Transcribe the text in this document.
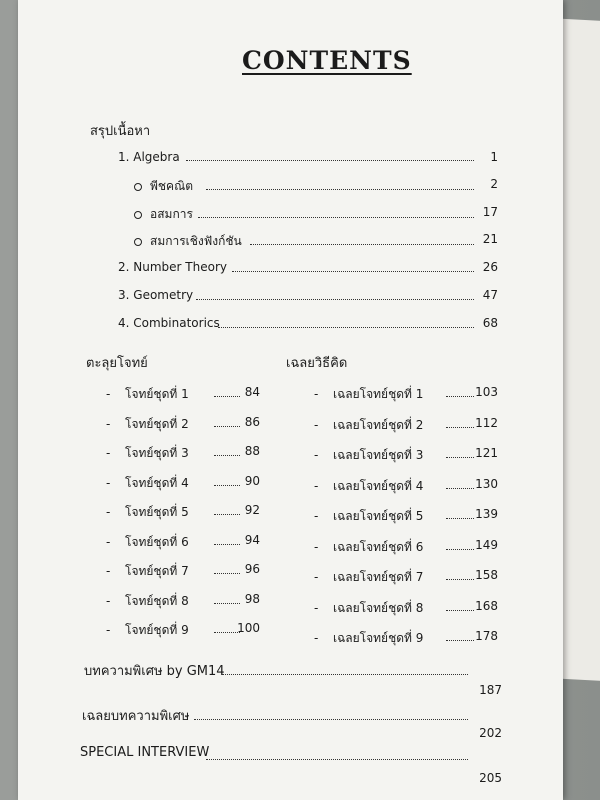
CONTENTS
สรุปเนื้อหา
1. Algebra	1
พีชคณิต	2
อสมการ	17
สมการเชิงฟังก์ชัน	21
2. Number Theory	26
3. Geometry	47
4. Combinatorics	68
ตะลุยโจทย์
- โจทย์ชุดที่ 1	84
- โจทย์ชุดที่ 2	86
- โจทย์ชุดที่ 3	88
- โจทย์ชุดที่ 4	90
- โจทย์ชุดที่ 5	92
- โจทย์ชุดที่ 6	94
- โจทย์ชุดที่ 7	96
- โจทย์ชุดที่ 8	98
- โจทย์ชุดที่ 9	100
เฉลยวิธีคิด
- เฉลยโจทย์ชุดที่ 1	103
- เฉลยโจทย์ชุดที่ 2	112
- เฉลยโจทย์ชุดที่ 3	121
- เฉลยโจทย์ชุดที่ 4	130
- เฉลยโจทย์ชุดที่ 5	139
- เฉลยโจทย์ชุดที่ 6	149
- เฉลยโจทย์ชุดที่ 7	158
- เฉลยโจทย์ชุดที่ 8	168
- เฉลยโจทย์ชุดที่ 9	178
บทความพิเศษ by GM14
187
เฉลยบทความพิเศษ
202
SPECIAL INTERVIEW
205
